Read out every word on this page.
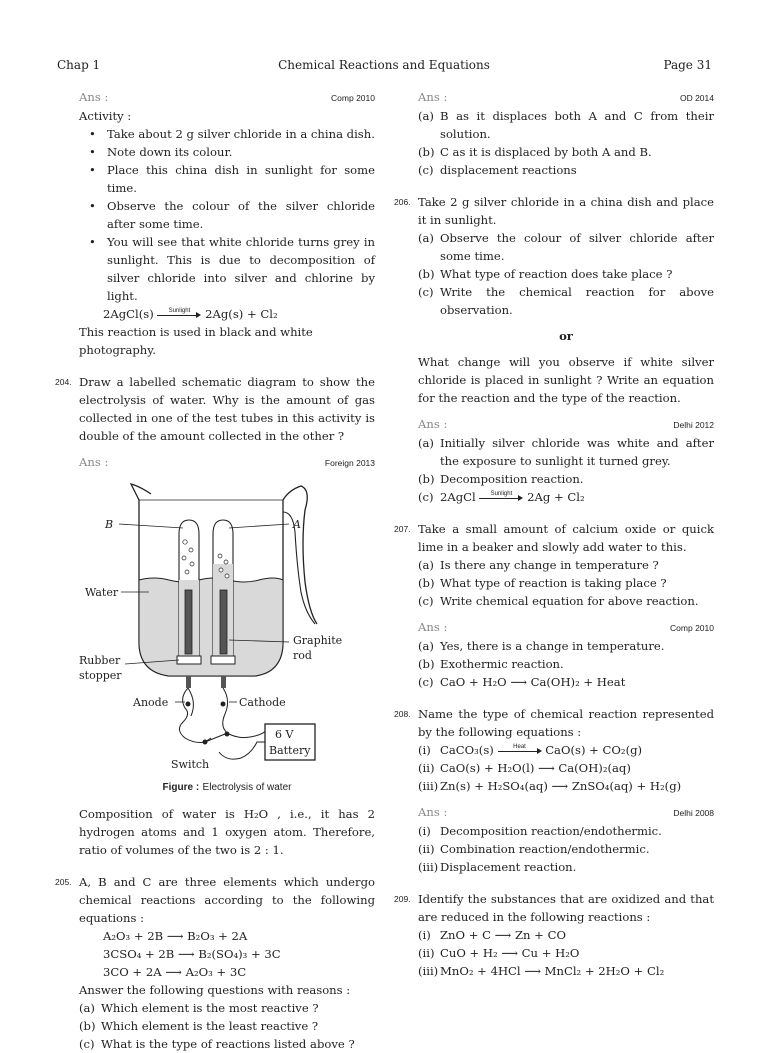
Chap 1	Chemical Reactions and Equations	Page 31
Ans :	Comp 2010
Activity :
• Take about 2 g silver chloride in a china dish.
• Note down its colour.
• Place this china dish in sunlight for some time.
• Observe the colour of the silver chloride after some time.
• You will see that white chloride turns grey in sunlight. This is due to decomposition of silver chloride into silver and chlorine by light.
2AgCl(s)	Sunlight	2Ag(s) + Cl₂
This reaction is used in black and white photography.
204. Draw a labelled schematic diagram to show the electrolysis of water. Why is the amount of gas collected in one of the test tubes in this activity is double of the amount collected in the other ?
Ans :	Foreign 2013
B	A
Water
Graphite rod
Rubber stopper
Anode	Cathode
6 V
Battery
Switch
Figure : Electrolysis of water
Composition of water is H₂O , i.e., it has 2 hydrogen atoms and 1 oxygen atom. Therefore, ratio of volumes of the two is 2 : 1.
205. A, B and C are three elements which undergo chemical reactions according to the following equations :
A₂O₃ + 2B ⟶ B₂O₃ + 2A
3CSO₄ + 2B ⟶ B₂(SO₄)₃ + 3C
3CO + 2A ⟶ A₂O₃ + 3C
Answer the following questions with reasons :
(a) Which element is the most reactive ?
(b) Which element is the least reactive ?
(c) What is the type of reactions listed above ?
Ans :	OD 2014
(a) B as it displaces both A and C from their solution.
(b) C as it is displaced by both A and B.
(c) displacement reactions
206. Take 2 g silver chloride in a china dish and place it in sunlight.
(a) Observe the colour of silver chloride after some time.
(b) What type of reaction does take place ?
(c) Write the chemical reaction for above observation.
or
What change will you observe if white silver chloride is placed in sunlight ? Write an equation for the reaction and the type of the reaction.
Ans :	Delhi 2012
(a) Initially silver chloride was white and after the exposure to sunlight it turned grey.
(b) Decomposition reaction.
(c) 2AgCl	Sunlight	2Ag + Cl₂
207. Take a small amount of calcium oxide or quick lime in a beaker and slowly add water to this.
(a) Is there any change in temperature ?
(b) What type of reaction is taking place ?
(c) Write chemical equation for above reaction.
Ans :	Comp 2010
(a) Yes, there is a change in temperature.
(b) Exothermic reaction.
(c) CaO + H₂O ⟶ Ca(OH)₂ + Heat
208. Name the type of chemical reaction represented by the following equations :
(i) CaCO₃(s)	Heat	CaO(s) + CO₂(g)
(ii) CaO(s) + H₂O(l) ⟶ Ca(OH)₂(aq)
(iii) Zn(s) + H₂SO₄(aq) ⟶ ZnSO₄(aq) + H₂(g)
Ans :	Delhi 2008
(i) Decomposition reaction/endothermic.
(ii) Combination reaction/endothermic.
(iii) Displacement reaction.
209. Identify the substances that are oxidized and that are reduced in the following reactions :
(i) ZnO + C ⟶ Zn + CO
(ii) CuO + H₂ ⟶ Cu + H₂O
(iii) MnO₂ + 4HCl ⟶ MnCl₂ + 2H₂O + Cl₂
